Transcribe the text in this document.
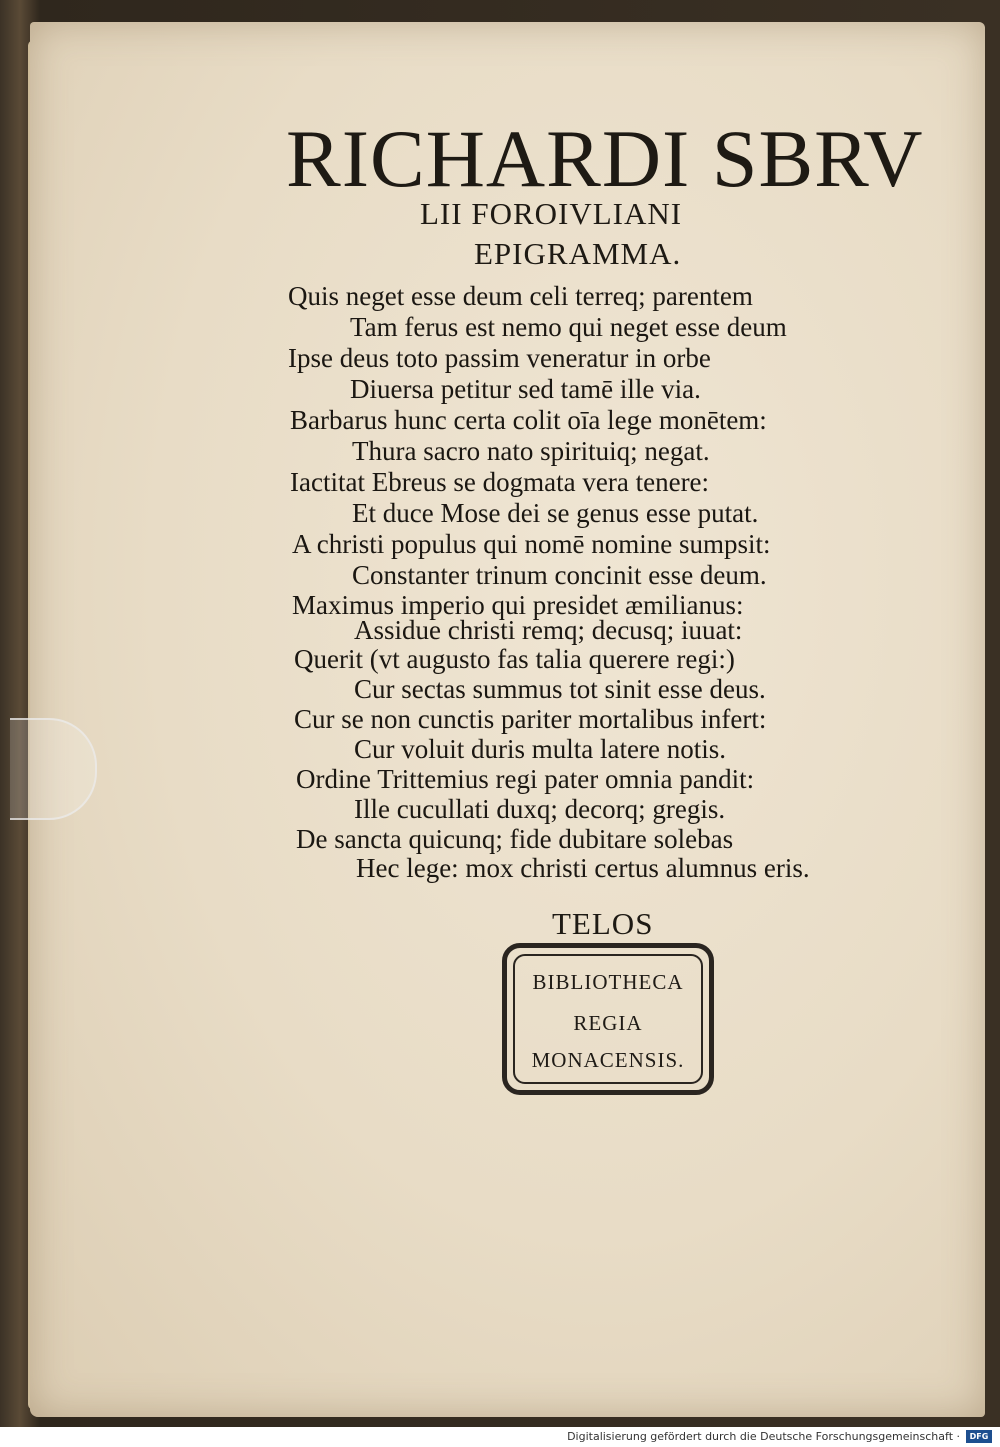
RICHARDI SBRV
LII FOROIVLIANI
EPIGRAMMA.
Quis neget esse deum celi terreq; parentem
Tam ferus est nemo qui neget esse deum
Ipse deus toto passim veneratur in orbe
Diuersa petitur sed tamē ille via.
Barbarus hunc certa colit oīa lege monētem:
Thura sacro nato spirituiq; negat.
Iactitat Ebreus se dogmata vera tenere:
Et duce Mose dei se genus esse putat.
A christi populus qui nomē nomine sumpsit:
Constanter trinum concinit esse deum.
Maximus imperio qui presidet æmilianus:
Assidue christi remq; decusq; iuuat:
Querit (vt augusto fas talia querere regi:)
Cur sectas summus tot sinit esse deus.
Cur se non cunctis pariter mortalibus infert:
Cur voluit duris multa latere notis.
Ordine Trittemius regi pater omnia pandit:
Ille cucullati duxq; decorq; gregis.
De sancta quicunq; fide dubitare solebas
Hec lege: mox christi certus alumnus eris.
TELOS
BIBLIOTHECA
REGIA
MONACENSIS.
Digitalisierung gefördert durch die Deutsche Forschungsgemeinschaft ·	DFG
